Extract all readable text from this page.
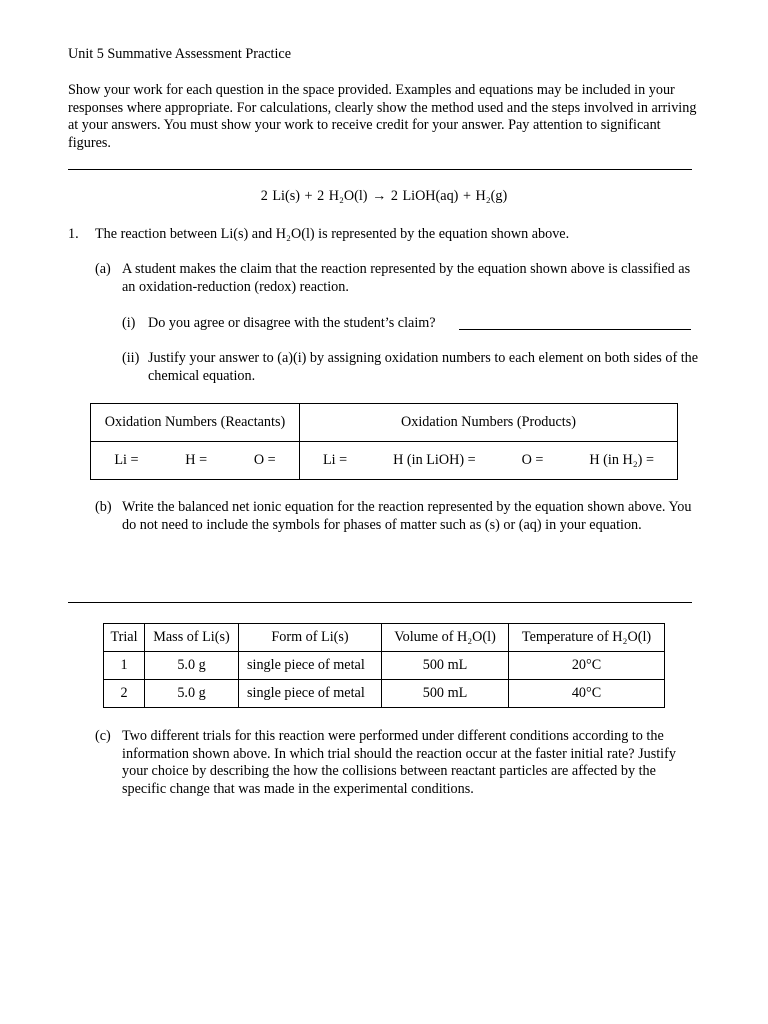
Unit 5 Summative Assessment Practice
Show your work for each question in the space provided. Examples and equations may be included in your responses where appropriate. For calculations, clearly show the method used and the steps involved in arriving at your answers. You must show your work to receive credit for your answer. Pay attention to significant figures.
2 Li(s) + 2 H₂O(l) → 2 LiOH(aq) + H₂(g)
1. The reaction between Li(s) and H₂O(l) is represented by the equation shown above.
(a) A student makes the claim that the reaction represented by the equation shown above is classified as an oxidation-reduction (redox) reaction.
(i) Do you agree or disagree with the student’s claim?
(ii) Justify your answer to (a)(i) by assigning oxidation numbers to each element on both sides of the chemical equation.
Oxidation Numbers (Reactants)	Oxidation Numbers (Products)

Li = H = O =	Li = H (in LiOH) = O = H (in H₂) =
(b) Write the balanced net ionic equation for the reaction represented by the equation shown above. You do not need to include the symbols for phases of matter such as (s) or (aq) in your equation.
Trial	Mass of Li(s)	Form of Li(s)	Volume of H₂O(l)	Temperature of H₂O(l)
1	5.0 g	single piece of metal	500 mL	20°C
2	5.0 g	single piece of metal	500 mL	40°C
(c) Two different trials for this reaction were performed under different conditions according to the information shown above. In which trial should the reaction occur at the faster initial rate? Justify your choice by describing the how the collisions between reactant particles are affected by the specific change that was made in the experimental conditions.
